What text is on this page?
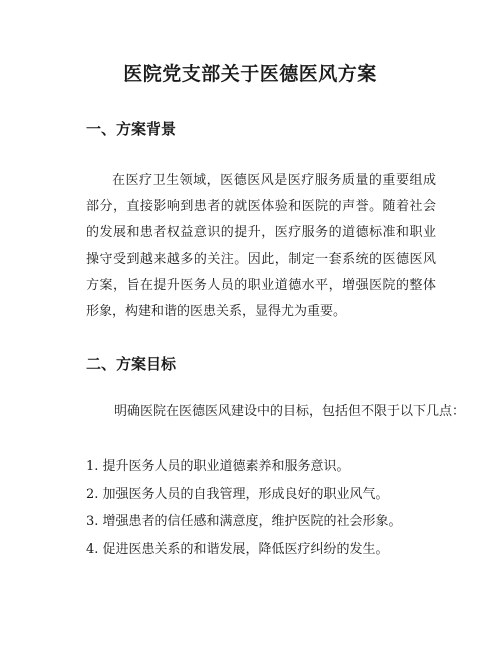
医院党支部关于医德医风方案
一、方案背景

在医疗卫生领域，医德医风是医疗服务质量的重要组成部分，直接影响到患者的就医体验和医院的声誉。随着社会的发展和患者权益意识的提升，医疗服务的道德标准和职业操守受到越来越多的关注。因此，制定一套系统的医德医风方案，旨在提升医务人员的职业道德水平，增强医院的整体形象，构建和谐的医患关系，显得尤为重要。

二、方案目标

明确医院在医德医风建设中的目标，包括但不限于以下几点：

1. 提升医务人员的职业道德素养和服务意识。
2. 加强医务人员的自我管理，形成良好的职业风气。
3. 增强患者的信任感和满意度，维护医院的社会形象。
4. 促进医患关系的和谐发展，降低医疗纠纷的发生。
